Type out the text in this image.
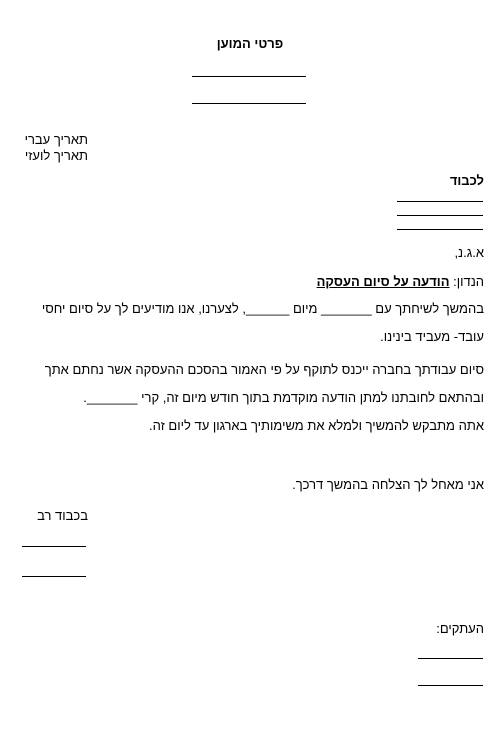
פרטי המוען
תאריך עברי
תאריך לועזי
לכבוד
א.ג.נ,
הנדון: הודעה על סיום העסקה
בהמשך לשיחתך עם _______ מיום ______, לצערנו, אנו מודיעים לך על סיום יחסי
עובד- מעביד בינינו.
סיום עבודתך בחברה ייכנס לתוקף על פי האמור בהסכם ההעסקה אשר נחתם אתך
ובהתאם לחובתנו למתן הודעה מוקדמת בתוך חודש מיום זה, קרי _______.
אתה מתבקש להמשיך ולמלא את משימותיך בארגון עד ליום זה.
אני מאחל לך הצלחה בהמשך דרכך.
בכבוד רב
העתקים:
